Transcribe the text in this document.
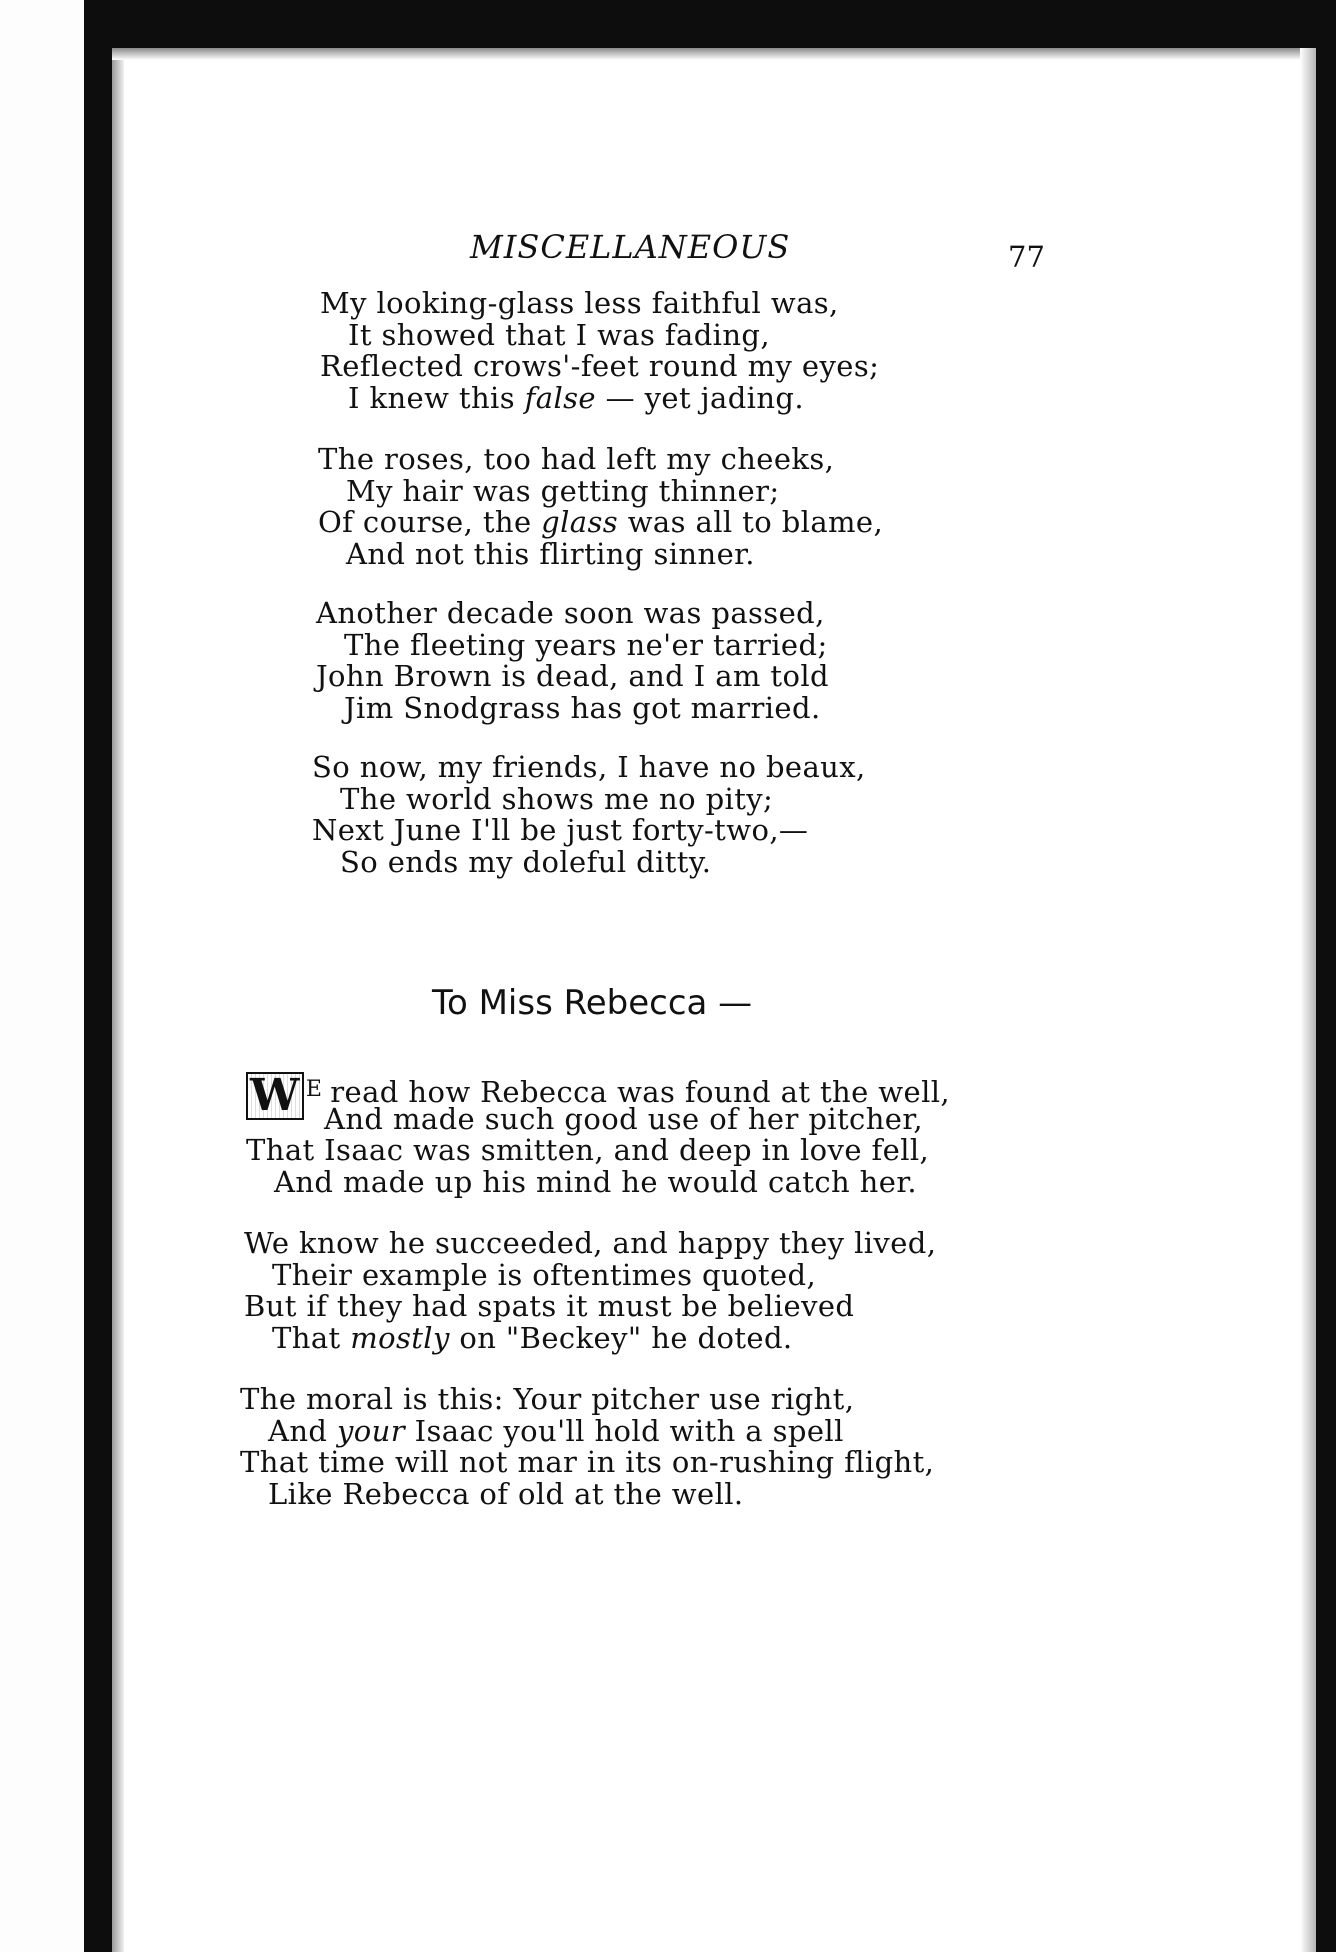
MISCELLANEOUS	77
My looking-glass less faithful was,
It showed that I was fading,
Reflected crows'-feet round my eyes;
I knew this false — yet jading.
The roses, too had left my cheeks,
My hair was getting thinner;
Of course, the glass was all to blame,
And not this flirting sinner.
Another decade soon was passed,
The fleeting years ne'er tarried;
John Brown is dead, and I am told
Jim Snodgrass has got married.
So now, my friends, I have no beaux,
The world shows me no pity;
Next June I'll be just forty-two,—
So ends my doleful ditty.
To Miss Rebecca —
W $^E$ read how Rebecca was found at the well,
And made such good use of her pitcher,
That Isaac was smitten, and deep in love fell,
And made up his mind he would catch her.
We know he succeeded, and happy they lived,
Their example is oftentimes quoted,
But if they had spats it must be believed
That mostly on "Beckey" he doted.
The moral is this: Your pitcher use right,
And your Isaac you'll hold with a spell
That time will not mar in its on-rushing flight,
Like Rebecca of old at the well.
